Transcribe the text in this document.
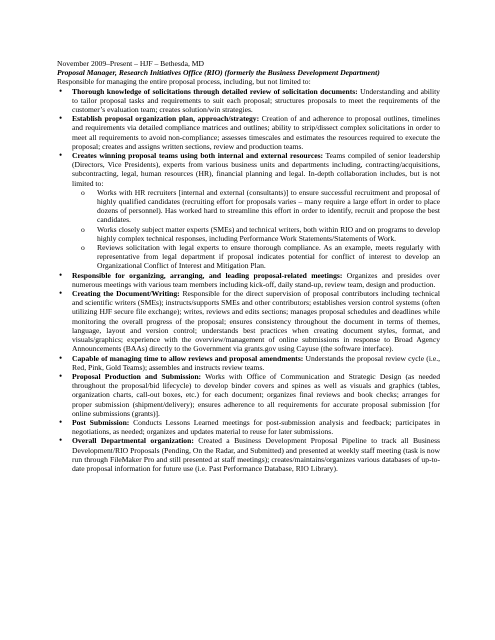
November 2009–Present – HJF – Bethesda, MD

Proposal Manager, Research Initiatives Office (RIO) (formerly the Business Development Department)

Responsible for managing the entire proposal process, including, but not limited to:

• Thorough knowledge of solicitations through detailed review of solicitation documents: Understanding and ability to tailor proposal tasks and requirements to suit each proposal; structures proposals to meet the requirements of the customer’s evaluation team; creates solution/win strategies.
• Establish proposal organization plan, approach/strategy: Creation of and adherence to proposal outlines, timelines and requirements via detailed compliance matrices and outlines; ability to strip/dissect complex solicitations in order to meet all requirements to avoid non-compliance; assesses timescales and estimates the resources required to execute the proposal; creates and assigns written sections, review and production teams.
• Creates winning proposal teams using both internal and external resources: Teams compiled of senior leadership (Directors, Vice Presidents), experts from various business units and departments including, contracting/acquisitions, subcontracting, legal, human resources (HR), financial planning and legal. In-depth collaboration includes, but is not limited to:
o Works with HR recruiters [internal and external (consultants)] to ensure successful recruitment and proposal of highly qualified candidates (recruiting effort for proposals varies – many require a large effort in order to place dozens of personnel). Has worked hard to streamline this effort in order to identify, recruit and propose the best candidates.
o Works closely subject matter experts (SMEs) and technical writers, both within RIO and on programs to develop highly complex technical responses, including Performance Work Statements/Statements of Work.
o Reviews solicitation with legal experts to ensure thorough compliance. As an example, meets regularly with representative from legal department if proposal indicates potential for conflict of interest to develop an Organizational Conflict of Interest and Mitigation Plan.
• Responsible for organizing, arranging, and leading proposal-related meetings: Organizes and presides over numerous meetings with various team members including kick-off, daily stand-up, review team, design and production.
• Creating the Document/Writing: Responsible for the direct supervision of proposal contributors including technical and scientific writers (SMEs); instructs/supports SMEs and other contributors; establishes version control systems (often utilizing HJF secure file exchange); writes, reviews and edits sections; manages proposal schedules and deadlines while monitoring the overall progress of the proposal; ensures consistency throughout the document in terms of themes, language, layout and version control; understands best practices when creating document styles, format, and visuals/graphics; experience with the overview/management of online submissions in response to Broad Agency Announcements (BAAs) directly to the Government via grants.gov using Cayuse (the software interface).
• Capable of managing time to allow reviews and proposal amendments: Understands the proposal review cycle (i.e., Red, Pink, Gold Teams); assembles and instructs review teams.
• Proposal Production and Submission: Works with Office of Communication and Strategic Design (as needed throughout the proposal/bid lifecycle) to develop binder covers and spines as well as visuals and graphics (tables, organization charts, call-out boxes, etc.) for each document; organizes final reviews and book checks; arranges for proper submission (shipment/delivery); ensures adherence to all requirements for accurate proposal submission [for online submissions (grants)].
• Post Submission: Conducts Lessons Learned meetings for post-submission analysis and feedback; participates in negotiations, as needed; organizes and updates material to reuse for later submissions.
• Overall Departmental organization: Created a Business Development Proposal Pipeline to track all Business Development/RIO Proposals (Pending, On the Radar, and Submitted) and presented at weekly staff meeting (task is now run through FileMaker Pro and still presented at staff meetings); creates/maintains/organizes various databases of up-to-date proposal information for future use (i.e. Past Performance Database, RIO Library).
